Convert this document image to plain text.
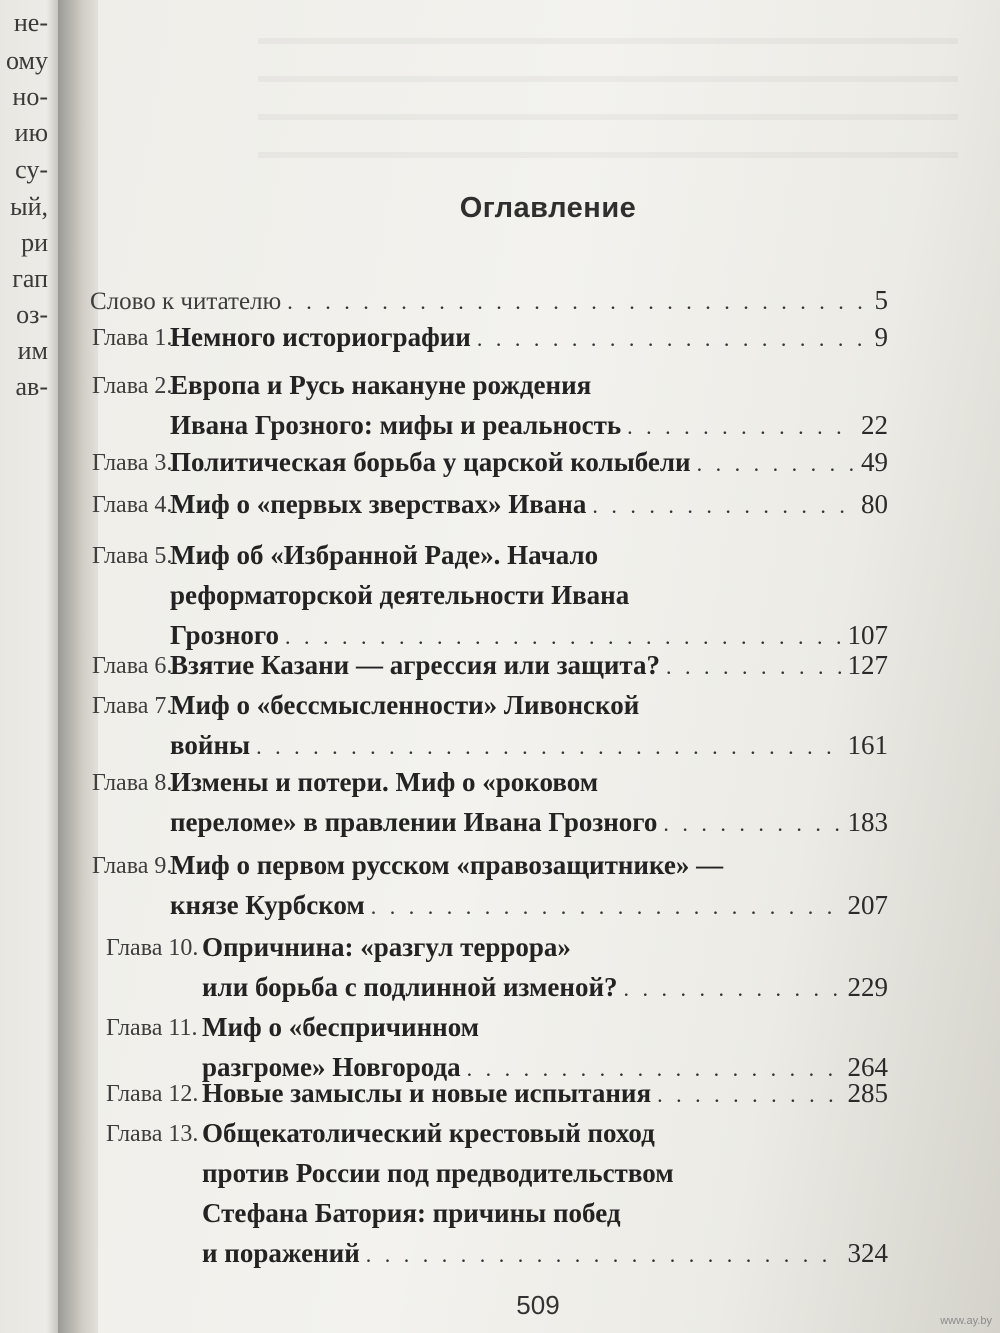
не-
ому
но-
ию
су-
ый,
ри
гап
оз-
им
ав-
Оглавление
Слово к читателю . . .	5
Глава 1.
Немного историографии . . .	9
Глава 2.
Европа и Русь накануне рождения
Ивана Грозного: мифы и реальность . . .	22
Глава 3.
Политическая борьба у царской колыбели . . .	49
Глава 4.
Миф о «первых зверствах» Ивана . . .	80
Глава 5.
Миф об «Избранной Раде». Начало
реформаторской деятельности Ивана
Грозного . . .	107
Глава 6.
Взятие Казани — агрессия или защита? . . .	127
Глава 7.
Миф о «бессмысленности» Ливонской
войны . . .	161
Глава 8.
Измены и потери. Миф о «роковом
переломе» в правлении Ивана Грозного . . .	183
Глава 9.
Миф о первом русском «правозащитнике» —
князе Курбском . . .	207
Глава 10. Опричнина: «разгул террора»
или борьба с подлинной изменой? . . .	229
Глава 11. Миф о «беспричинном
разгроме» Новгорода . . .	264
Глава 12. Новые замыслы и новые испытания . . .	285
Глава 13. Общекатолический крестовый поход
против России под предводительством
Стефана Батория: причины побед
и поражений . . .	324
509
www.ay.by
